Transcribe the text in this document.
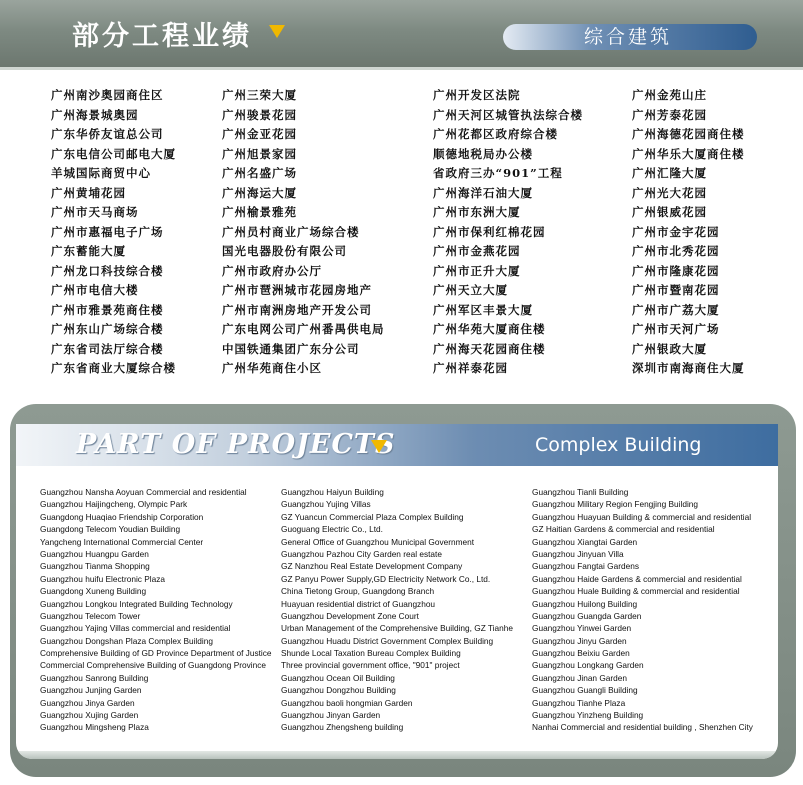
部分工程业绩	综合建筑
广州南沙奥园商住区
广州海景城奥园
广东华侨友谊总公司
广东电信公司邮电大厦
羊城国际商贸中心
广州黄埔花园
广州市天马商场
广州市惠福电子广场
广东蓄能大厦
广州龙口科技综合楼
广州市电信大楼
广州市雅景苑商住楼
广州东山广场综合楼
广东省司法厅综合楼
广东省商业大厦综合楼
广州三荣大厦
广州骏景花园
广州金亚花园
广州旭景家园
广州名盛广场
广州海运大厦
广州榆景雅苑
广州员村商业广场综合楼
国光电器股份有限公司
广州市政府办公厅
广州市琶洲城市花园房地产
广州市南洲房地产开发公司
广东电网公司广州番禺供电局
中国铁通集团广东分公司
广州华苑商住小区
广州开发区法院
广州天河区城管执法综合楼
广州花都区政府综合楼
顺德地税局办公楼
省政府三办“901”工程
广州海洋石油大厦
广州市东洲大厦
广州市保利红棉花园
广州市金燕花园
广州市正升大厦
广州天立大厦
广州军区丰景大厦
广州华苑大厦商住楼
广州海天花园商住楼
广州祥泰花园
广州金苑山庄
广州芳泰花园
广州海德花园商住楼
广州华乐大厦商住楼
广州汇隆大厦
广州光大花园
广州银威花园
广州市金宇花园
广州市北秀花园
广州市隆康花园
广州市暨南花园
广州市广荔大厦
广州市天河广场
广州银政大厦
深圳市南海商住大厦
PART OF PROJECTS	Complex Building
Guangzhou Nansha Aoyuan Commercial and residential
Guangzhou Haijingcheng, Olympic Park
Guangdong Huaqiao Friendship Corporation
Guangdong Telecom Youdian Building
Yangcheng International Commercial Center
Guangzhou Huangpu Garden
Guangzhou Tianma Shopping
Guangzhou huifu Electronic Plaza
Guangdong Xuneng Building
Guangzhou Longkou Integrated Building Technology
Guangzhou Telecom Tower
Guangzhou Yajing Villas commercial and residential
Guangzhou Dongshan Plaza Complex Building
Comprehensive Building of GD Province Department of Justice
Commercial Comprehensive Building of Guangdong Province
Guangzhou Sanrong Building
Guangzhou Junjing Garden
Guangzhou Jinya Garden
Guangzhou Xujing Garden
Guangzhou Mingsheng Plaza
Guangzhou Haiyun Building
Guangzhou Yujing Villas
GZ Yuancun Commercial Plaza Complex Building
Guoguang Electric Co., Ltd.
General Office of Guangzhou Municipal Government
Guangzhou Pazhou City Garden real estate
GZ Nanzhou Real Estate Development Company
GZ Panyu Power Supply,GD Electricity Network Co., Ltd.
China Tietong Group, Guangdong Branch
Huayuan residential district of Guangzhou
Guangzhou Development Zone Court
Urban Management of the Comprehensive Building, GZ Tianhe
Guangzhou Huadu District Government Complex Building
Shunde Local Taxation Bureau Complex Building
Three provincial government office, "901" project
Guangzhou Ocean Oil Building
Guangzhou Dongzhou Building
Guangzhou baoli hongmian Garden
Guangzhou Jinyan Garden
Guangzhou Zhengsheng building
Guangzhou Tianli Building
Guangzhou Military Region Fengjing Building
Guangzhou Huayuan Building & commercial and residential
GZ Haitian Gardens & commercial and residential
Guangzhou Xiangtai Garden
Guangzhou Jinyuan Villa
Guangzhou Fangtai Gardens
Guangzhou Haide Gardens & commercial and residential
Guangzhou Huale Building & commercial and residential
Guangzhou Huilong Building
Guangzhou Guangda Garden
Guangzhou Yinwei Garden
Guangzhou Jinyu Garden
Guangzhou Beixiu Garden
Guangzhou Longkang Garden
Guangzhou Jinan Garden
Guangzhou Guangli Building
Guangzhou Tianhe Plaza
Guangzhou Yinzheng Building
Nanhai Commercial and residential building , Shenzhen City
